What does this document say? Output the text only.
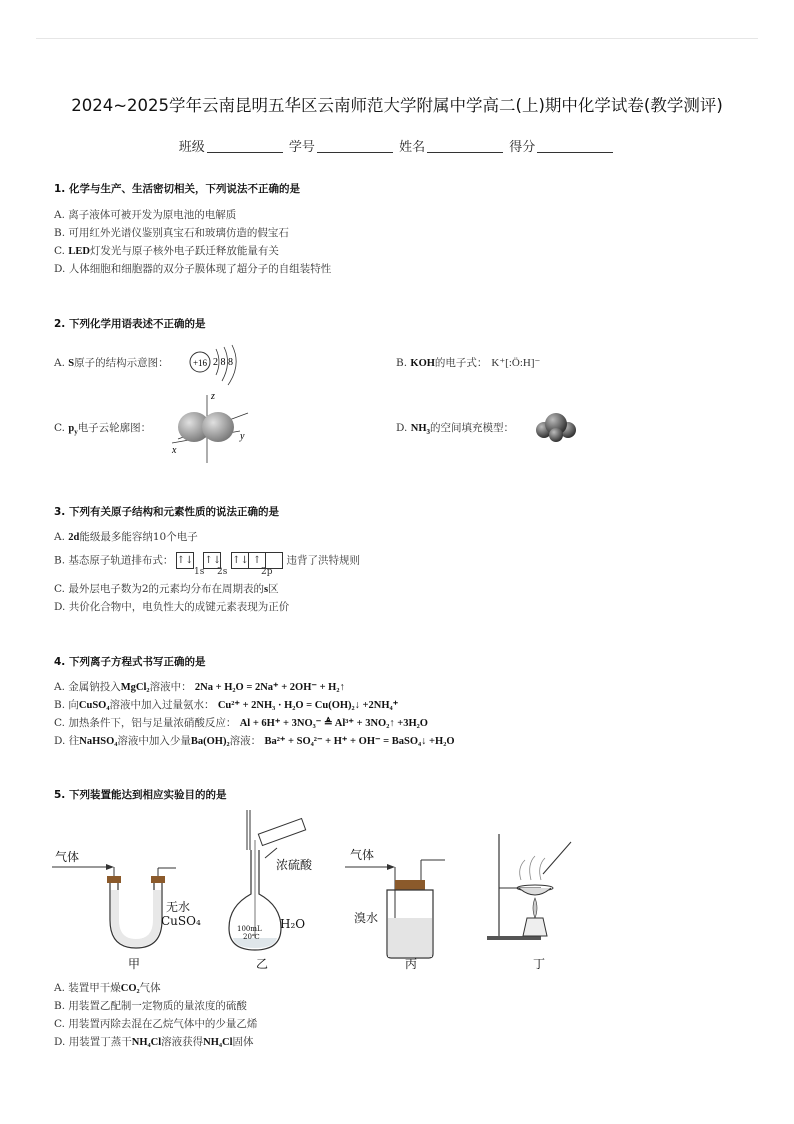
2024~2025学年云南昆明五华区云南师范大学附属中学高二(上)期中化学试卷(教学测评)
班级	学号	姓名	得分
1. 化学与生产、生活密切相关，下列说法不正确的是
A. 离子液体可被开发为原电池的电解质
B. 可用红外光谱仪鉴别真宝石和玻璃仿造的假宝石
C. LED灯发光与原子核外电子跃迁释放能量有关
D. 人体细胞和细胞器的双分子膜体现了超分子的自组装特性
2. 下列化学用语表述不正确的是
A. S原子的结构示意图：	+16 2 8 8	B. KOH的电子式： K⁺[:Ö:H]⁻
C. $p_y$电子云轮廓图：
z
y
x
D. $NH_3$的空间填充模型：
3. 下列有关原子结构和元素性质的说法正确的是
A. 2d能级最多能容纳10个电子
B. 基态原子轨道排布式： ↑↓ ↑↓ ↑↓ ↑ 违背了洪特规则
1s 2s	2p
C. 最外层电子数为2的元素均分布在周期表的s区
D. 共价化合物中，电负性大的成键元素表现为正价
4. 下列离子方程式书写正确的是
A. 金属钠投入MgCl₂溶液中： 2Na + H₂O = 2Na⁺ + 2OH⁻ + H₂↑
B. 向CuSO₄溶液中加入过量氨水： Cu²⁺ + 2NH₃ · H₂O = Cu(OH)₂↓ +2NH₄⁺
C. 加热条件下，铝与足量浓硝酸反应： Al + 6H⁺ + 3NO₃⁻ ≜ Al³⁺ + 3NO₂↑ +3H₂O
D. 往NaHSO₄溶液中加入少量Ba(OH)₂溶液： Ba²⁺ + SO₄²⁻ + H⁺ + OH⁻ = BaSO₄↓ +H₂O
5. 下列装置能达到相应实验目的的是
气体
无水
CuSO₄
浓硫酸
H₂O
100mL
20℃
气体
溴水
甲	乙	丙	丁
A. 装置甲干燥CO₂气体
B. 用装置乙配制一定物质的量浓度的硫酸
C. 用装置丙除去混在乙烷气体中的少量乙烯
D. 用装置丁蒸干NH₄Cl溶液获得NH₄Cl固体
